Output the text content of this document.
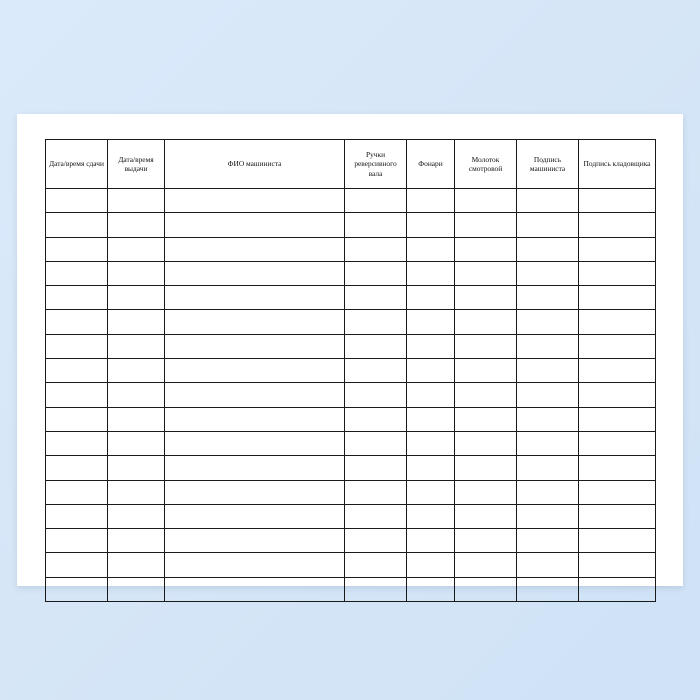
Дата/время сдачи	Дата/время выдачи	ФИО машиниста	Ручки реверсивного вала	Фонари	Молоток смотровой	Подпись машиниста	Подпись кладовщика
